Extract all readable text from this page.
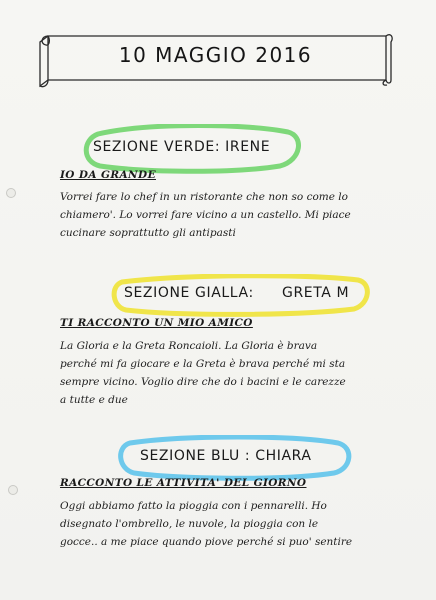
10 MAGGIO 2016
SEZIONE VERDE: IRENE
IO DA GRANDE
Vorrei fare lo chef in un ristorante che non so come lo
chiamero'. Lo vorrei fare vicino a un castello. Mi piace
cucinare soprattutto gli antipasti
SEZIONE GIALLA: GRETA M
TI RACCONTO UN MIO AMICO
La Gloria e la Greta Roncaioli. La Gloria è brava
perché mi fa giocare e la Greta è brava perché mi sta
sempre vicino. Voglio dire che do i bacini e le carezze
a tutte e due
SEZIONE BLU : CHIARA
RACCONTO LE ATTIVITA' DEL GIORNO
Oggi abbiamo fatto la pioggia con i pennarelli. Ho
disegnato l'ombrello, le nuvole, la pioggia con le
gocce.. a me piace quando piove perché si puo' sentire
